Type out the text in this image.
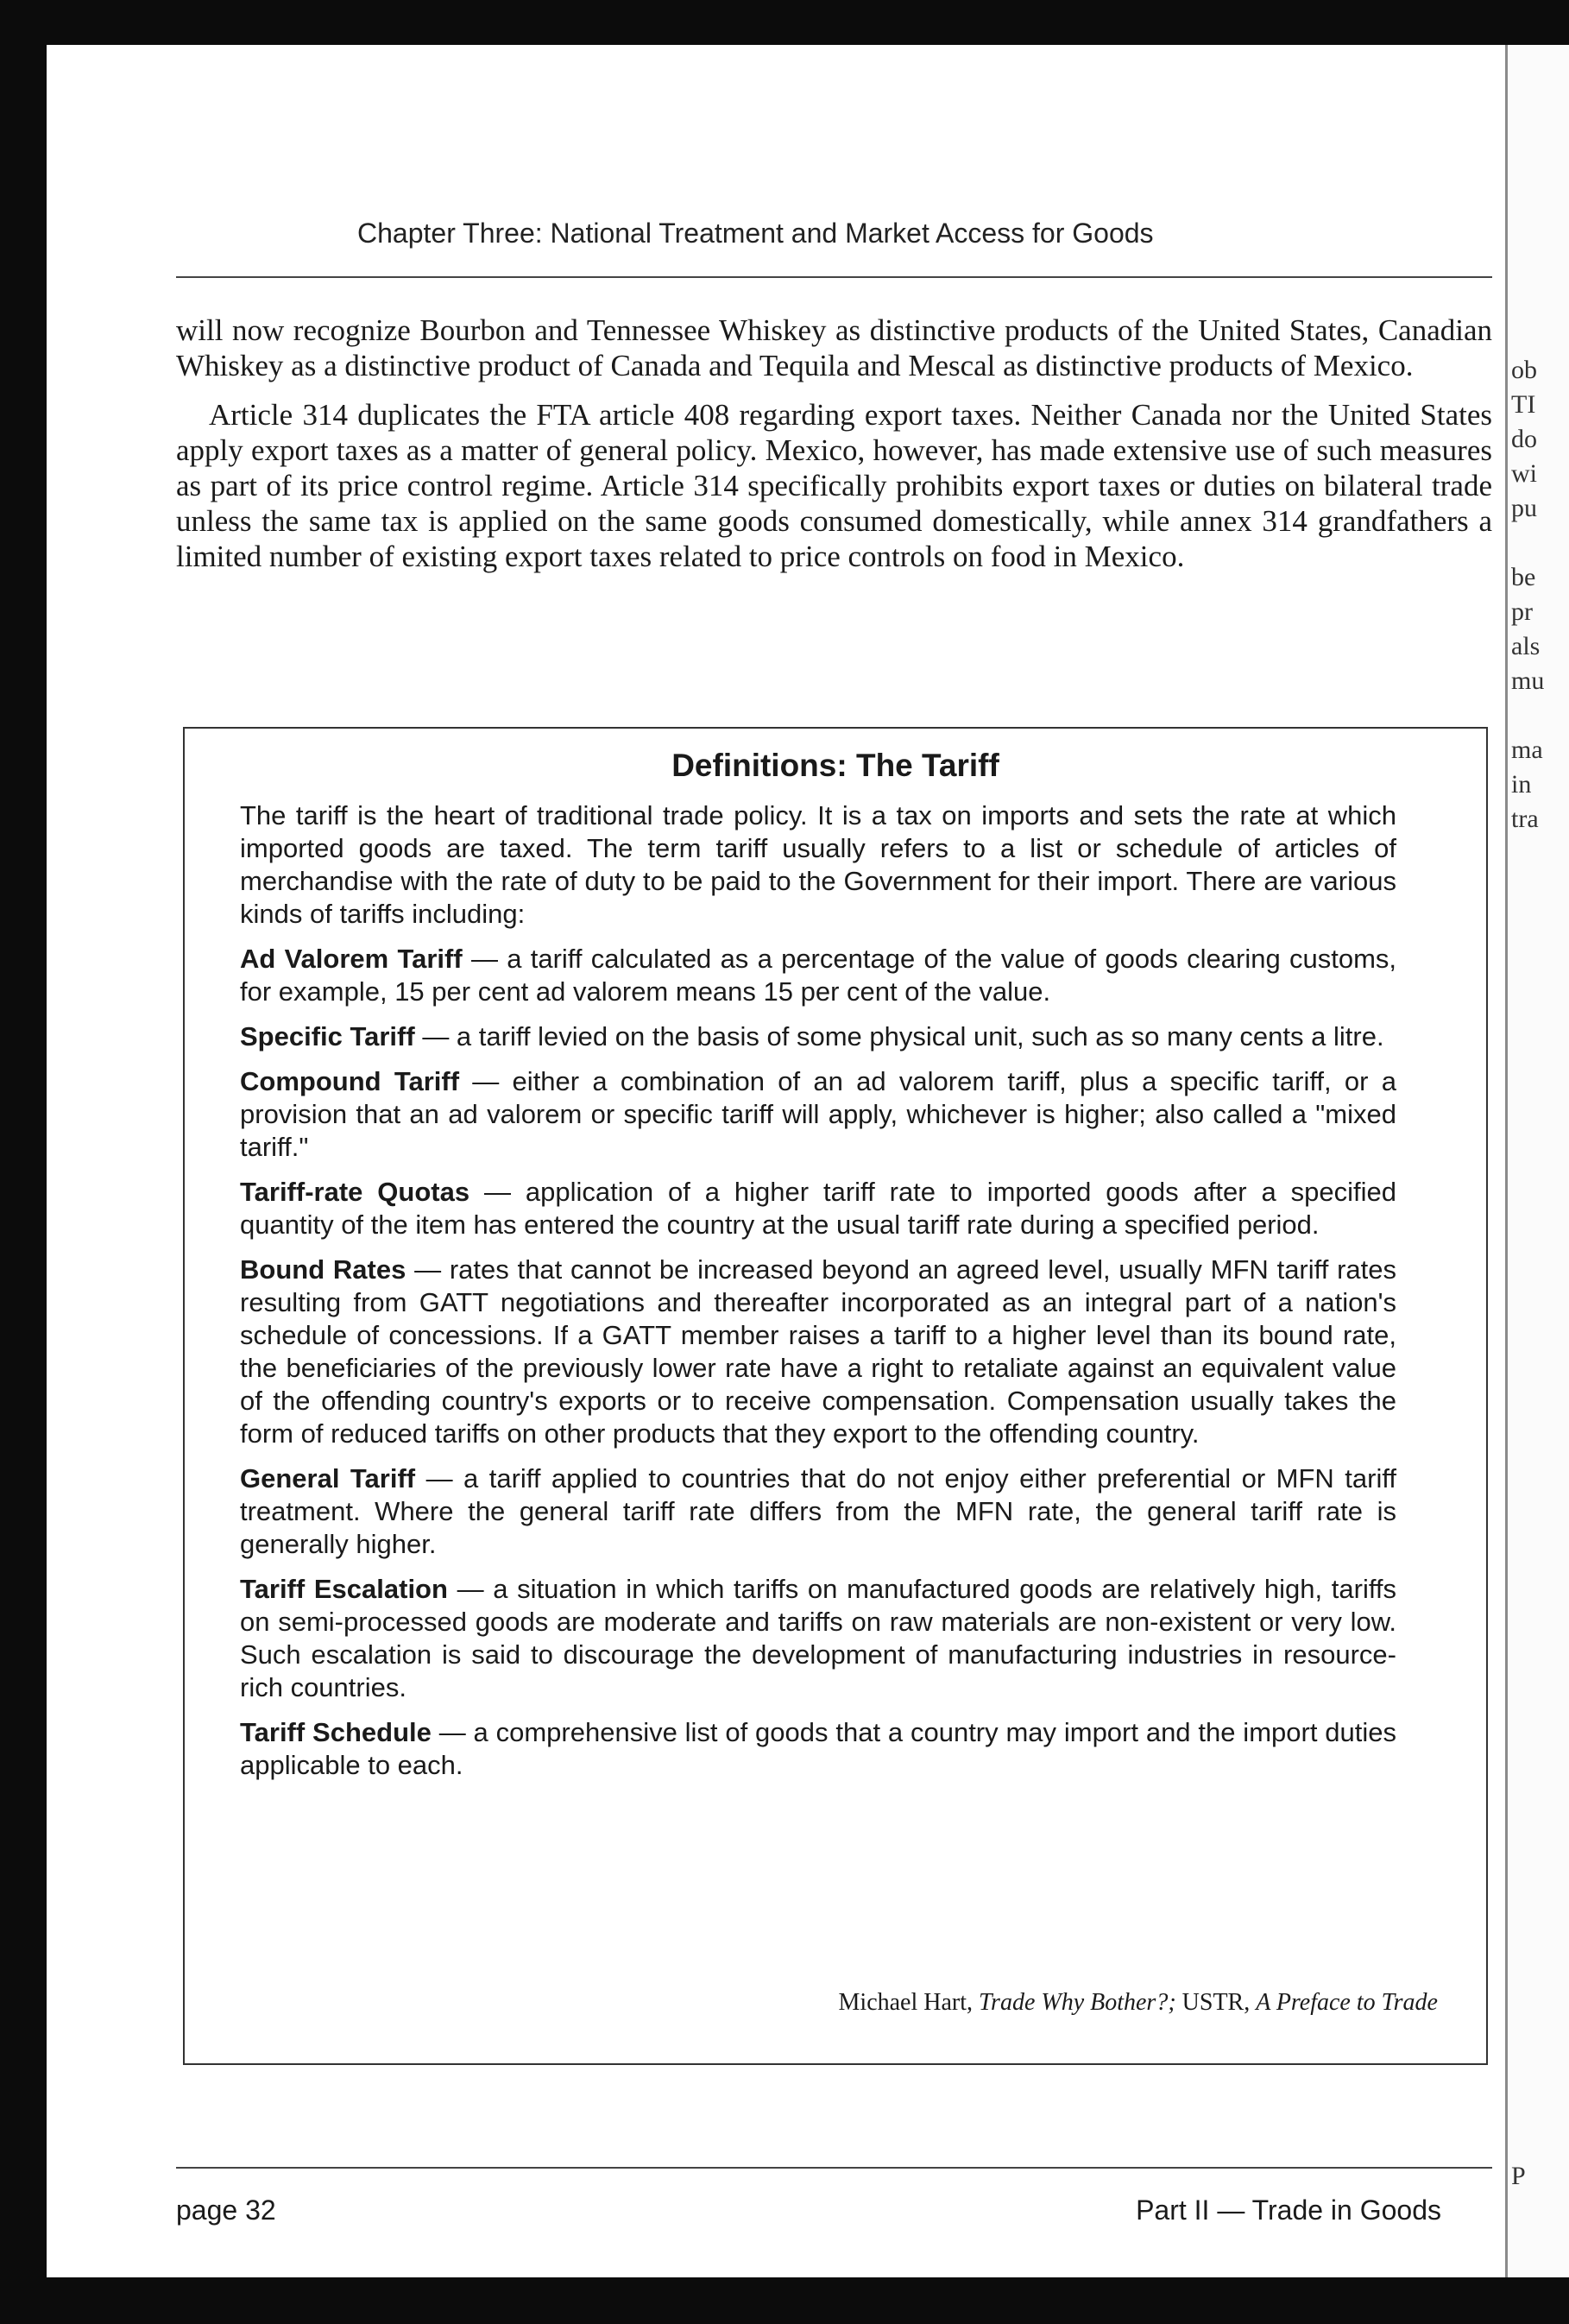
Chapter Three: National Treatment and Market Access for Goods

will now recognize Bourbon and Tennessee Whiskey as distinctive products of the United States, Canadian Whiskey as a distinctive product of Canada and Tequila and Mescal as distinctive products of Mexico.

Article 314 duplicates the FTA article 408 regarding export taxes. Neither Canada nor the United States apply export taxes as a matter of general policy. Mexico, however, has made extensive use of such measures as part of its price control regime. Article 314 specifically prohibits export taxes or duties on bilateral trade unless the same tax is applied on the same goods consumed domestically, while annex 314 grandfathers a limited number of existing export taxes related to price controls on food in Mexico.

Definitions: The Tariff

The tariff is the heart of traditional trade policy. It is a tax on imports and sets the rate at which imported goods are taxed. The term tariff usually refers to a list or schedule of articles of merchandise with the rate of duty to be paid to the Government for their import. There are various kinds of tariffs including:

Ad Valorem Tariff — a tariff calculated as a percentage of the value of goods clearing customs, for example, 15 per cent ad valorem means 15 per cent of the value.

Specific Tariff — a tariff levied on the basis of some physical unit, such as so many cents a litre.

Compound Tariff — either a combination of an ad valorem tariff, plus a specific tariff, or a provision that an ad valorem or specific tariff will apply, whichever is higher; also called a "mixed tariff."

Tariff-rate Quotas — application of a higher tariff rate to imported goods after a specified quantity of the item has entered the country at the usual tariff rate during a specified period.

Bound Rates — rates that cannot be increased beyond an agreed level, usually MFN tariff rates resulting from GATT negotiations and thereafter incorporated as an integral part of a nation's schedule of concessions. If a GATT member raises a tariff to a higher level than its bound rate, the beneficiaries of the previously lower rate have a right to retaliate against an equivalent value of the offending country's exports or to receive compensation. Compensation usually takes the form of reduced tariffs on other products that they export to the offending country.

General Tariff — a tariff applied to countries that do not enjoy either preferential or MFN tariff treatment. Where the general tariff rate differs from the MFN rate, the general tariff rate is generally higher.

Tariff Escalation — a situation in which tariffs on manufactured goods are relatively high, tariffs on semi-processed goods are moderate and tariffs on raw materials are non-existent or very low. Such escalation is said to discourage the development of manufacturing industries in resource-rich countries.

Tariff Schedule — a comprehensive list of goods that a country may import and the import duties applicable to each.

Michael Hart, Trade Why Bother?; USTR, A Preface to Trade
page 32	Part II — Trade in Goods
ob
TI
do
wi
pu
be
pr
als
mu
ma
in
tra
P
